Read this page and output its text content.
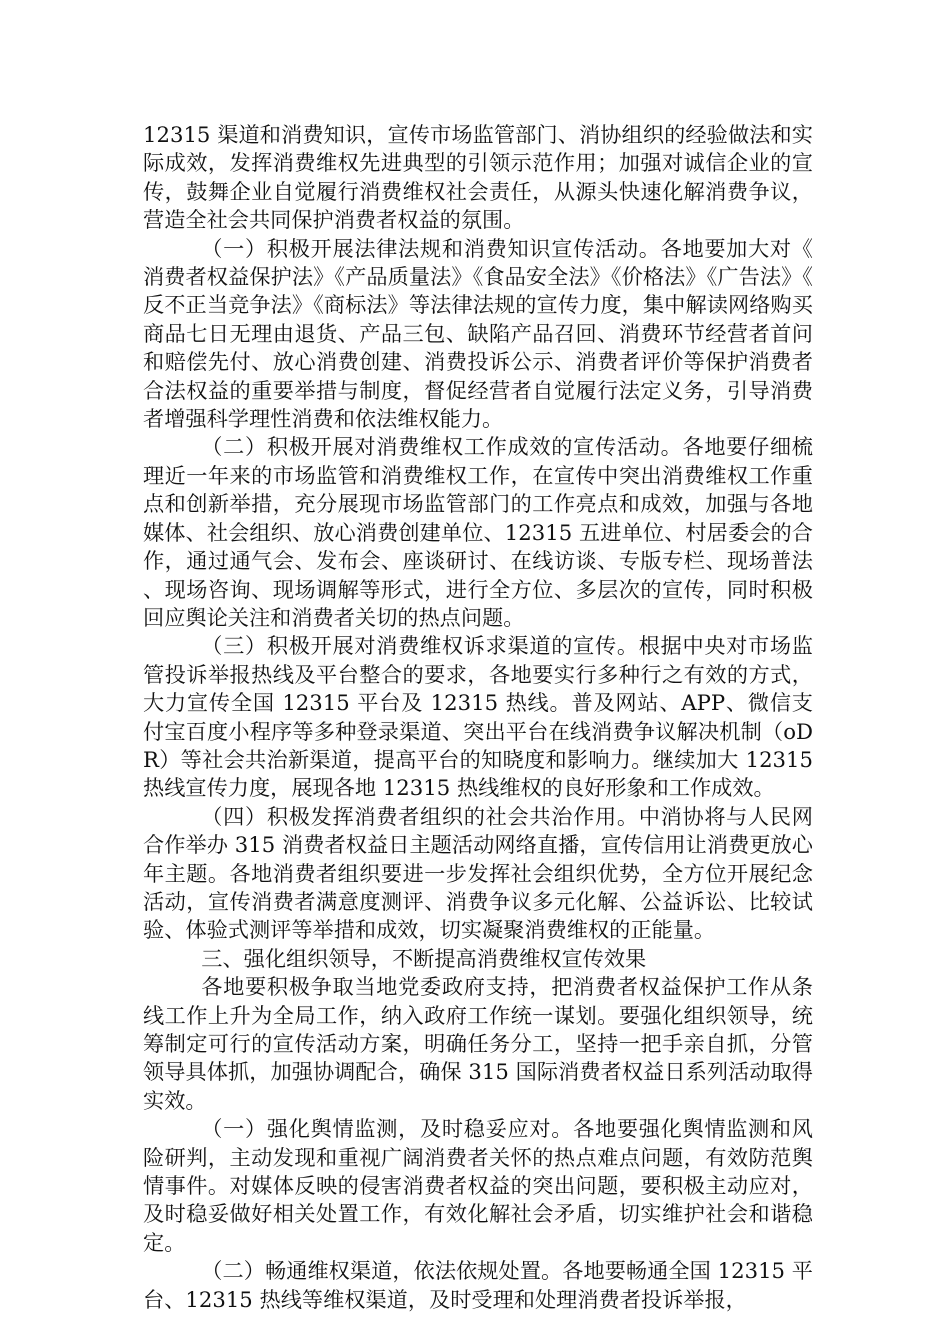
12315 渠道和消费知识，宣传市场监管部门、消协组织的经验做法和实际成效，发挥消费维权先进典型的引领示范作用；加强对诚信企业的宣传，鼓舞企业自觉履行消费维权社会责任，从源头快速化解消费争议，营造全社会共同保护消费者权益的氛围。

（一）积极开展法律法规和消费知识宣传活动。各地要加大对《消费者权益保护法》《产品质量法》《食品安全法》《价格法》《广告法》《反不正当竞争法》《商标法》等法律法规的宣传力度，集中解读网络购买商品七日无理由退货、产品三包、缺陷产品召回、消费环节经营者首问和赔偿先付、放心消费创建、消费投诉公示、消费者评价等保护消费者合法权益的重要举措与制度，督促经营者自觉履行法定义务，引导消费者增强科学理性消费和依法维权能力。

（二）积极开展对消费维权工作成效的宣传活动。各地要仔细梳理近一年来的市场监管和消费维权工作，在宣传中突出消费维权工作重点和创新举措，充分展现市场监管部门的工作亮点和成效，加强与各地媒体、社会组织、放心消费创建单位、12315 五进单位、村居委会的合作，通过通气会、发布会、座谈研讨、在线访谈、专版专栏、现场普法、现场咨询、现场调解等形式，进行全方位、多层次的宣传，同时积极回应舆论关注和消费者关切的热点问题。

（三）积极开展对消费维权诉求渠道的宣传。根据中央对市场监管投诉举报热线及平台整合的要求，各地要实行多种行之有效的方式，大力宣传全国 12315 平台及 12315 热线。普及网站、APP、微信支付宝百度小程序等多种登录渠道、突出平台在线消费争议解决机制（oDR）等社会共治新渠道，提高平台的知晓度和影响力。继续加大 12315 热线宣传力度，展现各地 12315 热线维权的良好形象和工作成效。

（四）积极发挥消费者组织的社会共治作用。中消协将与人民网合作举办 315 消费者权益日主题活动网络直播，宣传信用让消费更放心年主题。各地消费者组织要进一步发挥社会组织优势，全方位开展纪念活动，宣传消费者满意度测评、消费争议多元化解、公益诉讼、比较试验、体验式测评等举措和成效，切实凝聚消费维权的正能量。

三、强化组织领导，不断提高消费维权宣传效果

各地要积极争取当地党委政府支持，把消费者权益保护工作从条线工作上升为全局工作，纳入政府工作统一谋划。要强化组织领导，统筹制定可行的宣传活动方案，明确任务分工，坚持一把手亲自抓，分管领导具体抓，加强协调配合，确保 315 国际消费者权益日系列活动取得实效。

（一）强化舆情监测，及时稳妥应对。各地要强化舆情监测和风险研判，主动发现和重视广阔消费者关怀的热点难点问题，有效防范舆情事件。对媒体反映的侵害消费者权益的突出问题，要积极主动应对，及时稳妥做好相关处置工作，有效化解社会矛盾，切实维护社会和谐稳定。

（二）畅通维权渠道，依法依规处置。各地要畅通全国 12315 平台、12315 热线等维权渠道，及时受理和处理消费者投诉举报，
